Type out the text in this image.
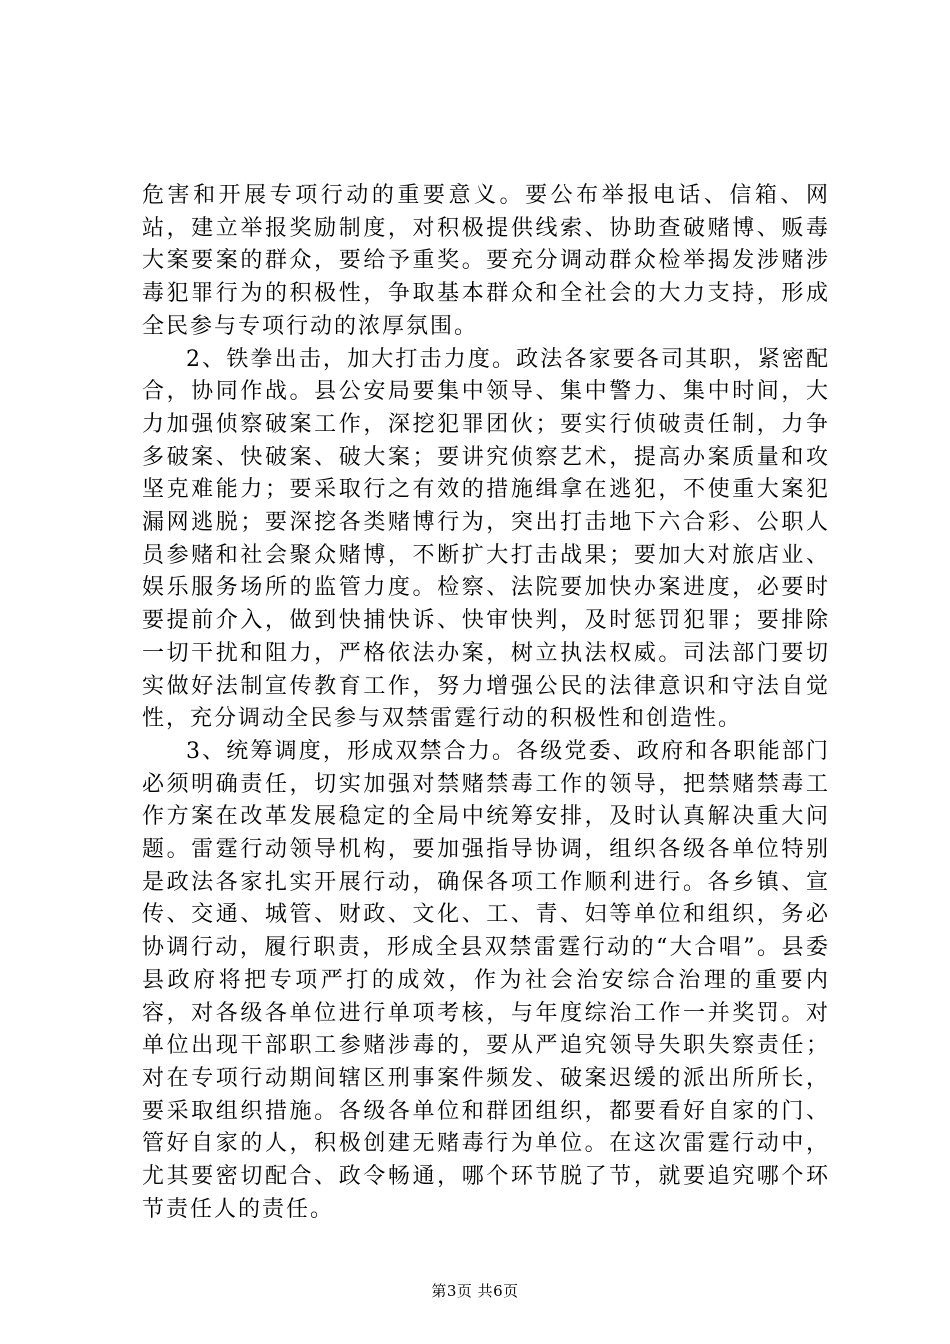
危害和开展专项行动的重要意义。要公布举报电话、信箱、网站，建立举报奖励制度，对积极提供线索、协助查破赌博、贩毒大案要案的群众，要给予重奖。要充分调动群众检举揭发涉赌涉毒犯罪行为的积极性，争取基本群众和全社会的大力支持，形成全民参与专项行动的浓厚氛围。

2、铁拳出击，加大打击力度。政法各家要各司其职，紧密配合，协同作战。县公安局要集中领导、集中警力、集中时间，大力加强侦察破案工作，深挖犯罪团伙；要实行侦破责任制，力争多破案、快破案、破大案；要讲究侦察艺术，提高办案质量和攻坚克难能力；要采取行之有效的措施缉拿在逃犯，不使重大案犯漏网逃脱；要深挖各类赌博行为，突出打击地下六合彩、公职人员参赌和社会聚众赌博，不断扩大打击战果；要加大对旅店业、娱乐服务场所的监管力度。检察、法院要加快办案进度，必要时要提前介入，做到快捕快诉、快审快判，及时惩罚犯罪；要排除一切干扰和阻力，严格依法办案，树立执法权威。司法部门要切实做好法制宣传教育工作，努力增强公民的法律意识和守法自觉性，充分调动全民参与双禁雷霆行动的积极性和创造性。

3、统筹调度，形成双禁合力。各级党委、政府和各职能部门必须明确责任，切实加强对禁赌禁毒工作的领导，把禁赌禁毒工作方案在改革发展稳定的全局中统筹安排，及时认真解决重大问题。雷霆行动领导机构，要加强指导协调，组织各级各单位特别是政法各家扎实开展行动，确保各项工作顺利进行。各乡镇、宣传、交通、城管、财政、文化、工、青、妇等单位和组织，务必协调行动，履行职责，形成全县双禁雷霆行动的“大合唱”。县委县政府将把专项严打的成效，作为社会治安综合治理的重要内容，对各级各单位进行单项考核，与年度综治工作一并奖罚。对单位出现干部职工参赌涉毒的，要从严追究领导失职失察责任；对在专项行动期间辖区刑事案件频发、破案迟缓的派出所所长，要采取组织措施。各级各单位和群团组织，都要看好自家的门、管好自家的人，积极创建无赌毒行为单位。在这次雷霆行动中，尤其要密切配合、政令畅通，哪个环节脱了节，就要追究哪个环节责任人的责任。

第3页 共6页
